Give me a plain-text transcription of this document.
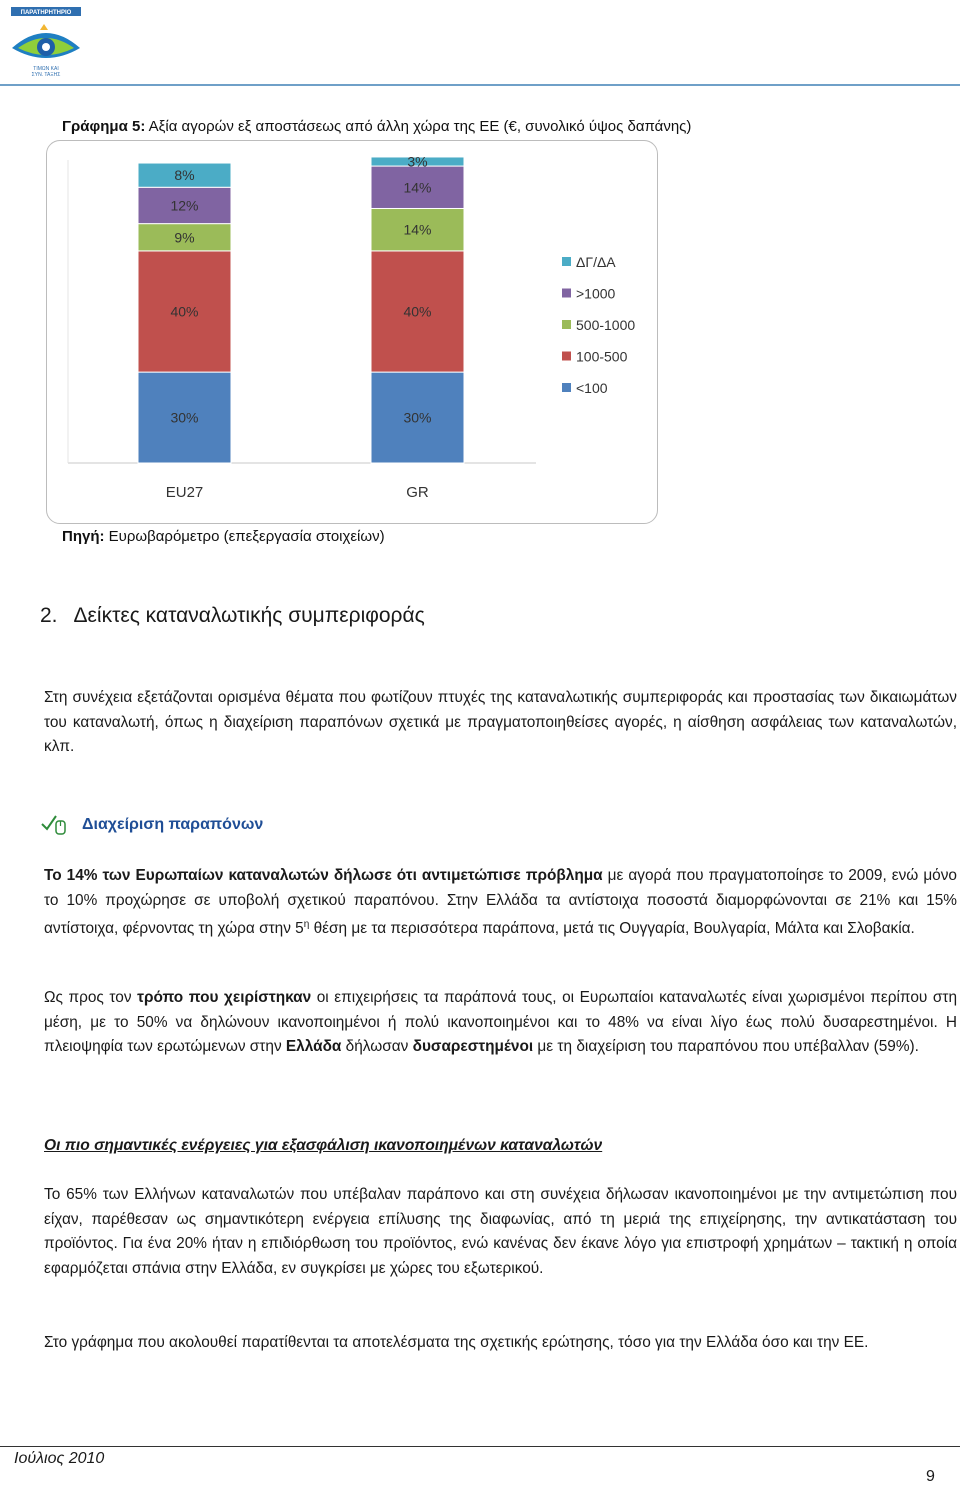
ΠΑΡΑΤΗΡΗΤΗΡΙΟ
ΤΙΜΩΝ ΚΑΙ
ΣΥΝ. ΤΑΞΗΣ
Γράφημα 5: Αξία αγορών εξ αποστάσεως από άλλη χώρα της ΕΕ (€, συνολικό ύψος δαπάνης)
30%
40%
9%
12%
8%
EU27
30%
40%
14%
14%
3%
GR
ΔΓ/ΔΑ
>1000
500-1000
100-500
<100
Πηγή: Ευρωβαρόμετρο (επεξεργασία στοιχείων)
2. Δείκτες καταναλωτικής συμπεριφοράς
Στη συνέχεια εξετάζονται ορισμένα θέματα που φωτίζουν πτυχές της καταναλωτικής συμπεριφοράς και προστασίας των δικαιωμάτων του καταναλωτή, όπως η διαχείριση παραπόνων σχετικά με πραγματοποιηθείσες αγορές, η αίσθηση ασφάλειας των καταναλωτών, κλπ.
Διαχείριση παραπόνων
Το 14% των Ευρωπαίων καταναλωτών δήλωσε ότι αντιμετώπισε πρόβλημα με αγορά που πραγματοποίησε το 2009, ενώ μόνο το 10% προχώρησε σε υποβολή σχετικού παραπόνου. Στην Ελλάδα τα αντίστοιχα ποσοστά διαμορφώνονται σε 21% και 15% αντίστοιχα, φέρνοντας τη χώρα στην $5^\eta$ θέση με τα περισσότερα παράπονα, μετά τις Ουγγαρία, Βουλγαρία, Μάλτα και Σλοβακία.
Ως προς τον τρόπο που χειρίστηκαν οι επιχειρήσεις τα παράπονά τους, οι Ευρωπαίοι καταναλωτές είναι χωρισμένοι περίπου στη μέση, με το 50% να δηλώνουν ικανοποιημένοι ή πολύ ικανοποιημένοι και το 48% να είναι λίγο έως πολύ δυσαρεστημένοι. Η πλειοψηφία των ερωτώμενων στην Ελλάδα δήλωσαν δυσαρεστημένοι με τη διαχείριση του παραπόνου που υπέβαλλαν (59%).
Οι πιο σημαντικές ενέργειες για εξασφάλιση ικανοποιημένων καταναλωτών
Το 65% των Ελλήνων καταναλωτών που υπέβαλαν παράπονο και στη συνέχεια δήλωσαν ικανοποιημένοι με την αντιμετώπιση που είχαν, παρέθεσαν ως σημαντικότερη ενέργεια επίλυσης της διαφωνίας, από τη μεριά της επιχείρησης, την αντικατάσταση του προϊόντος. Για ένα 20% ήταν η επιδιόρθωση του προϊόντος, ενώ κανένας δεν έκανε λόγο για επιστροφή χρημάτων – τακτική η οποία εφαρμόζεται σπάνια στην Ελλάδα, εν συγκρίσει με χώρες του εξωτερικού.
Στο γράφημα που ακολουθεί παρατίθενται τα αποτελέσματα της σχετικής ερώτησης, τόσο για την Ελλάδα όσο και την ΕΕ.
Ιούλιος 2010
9
